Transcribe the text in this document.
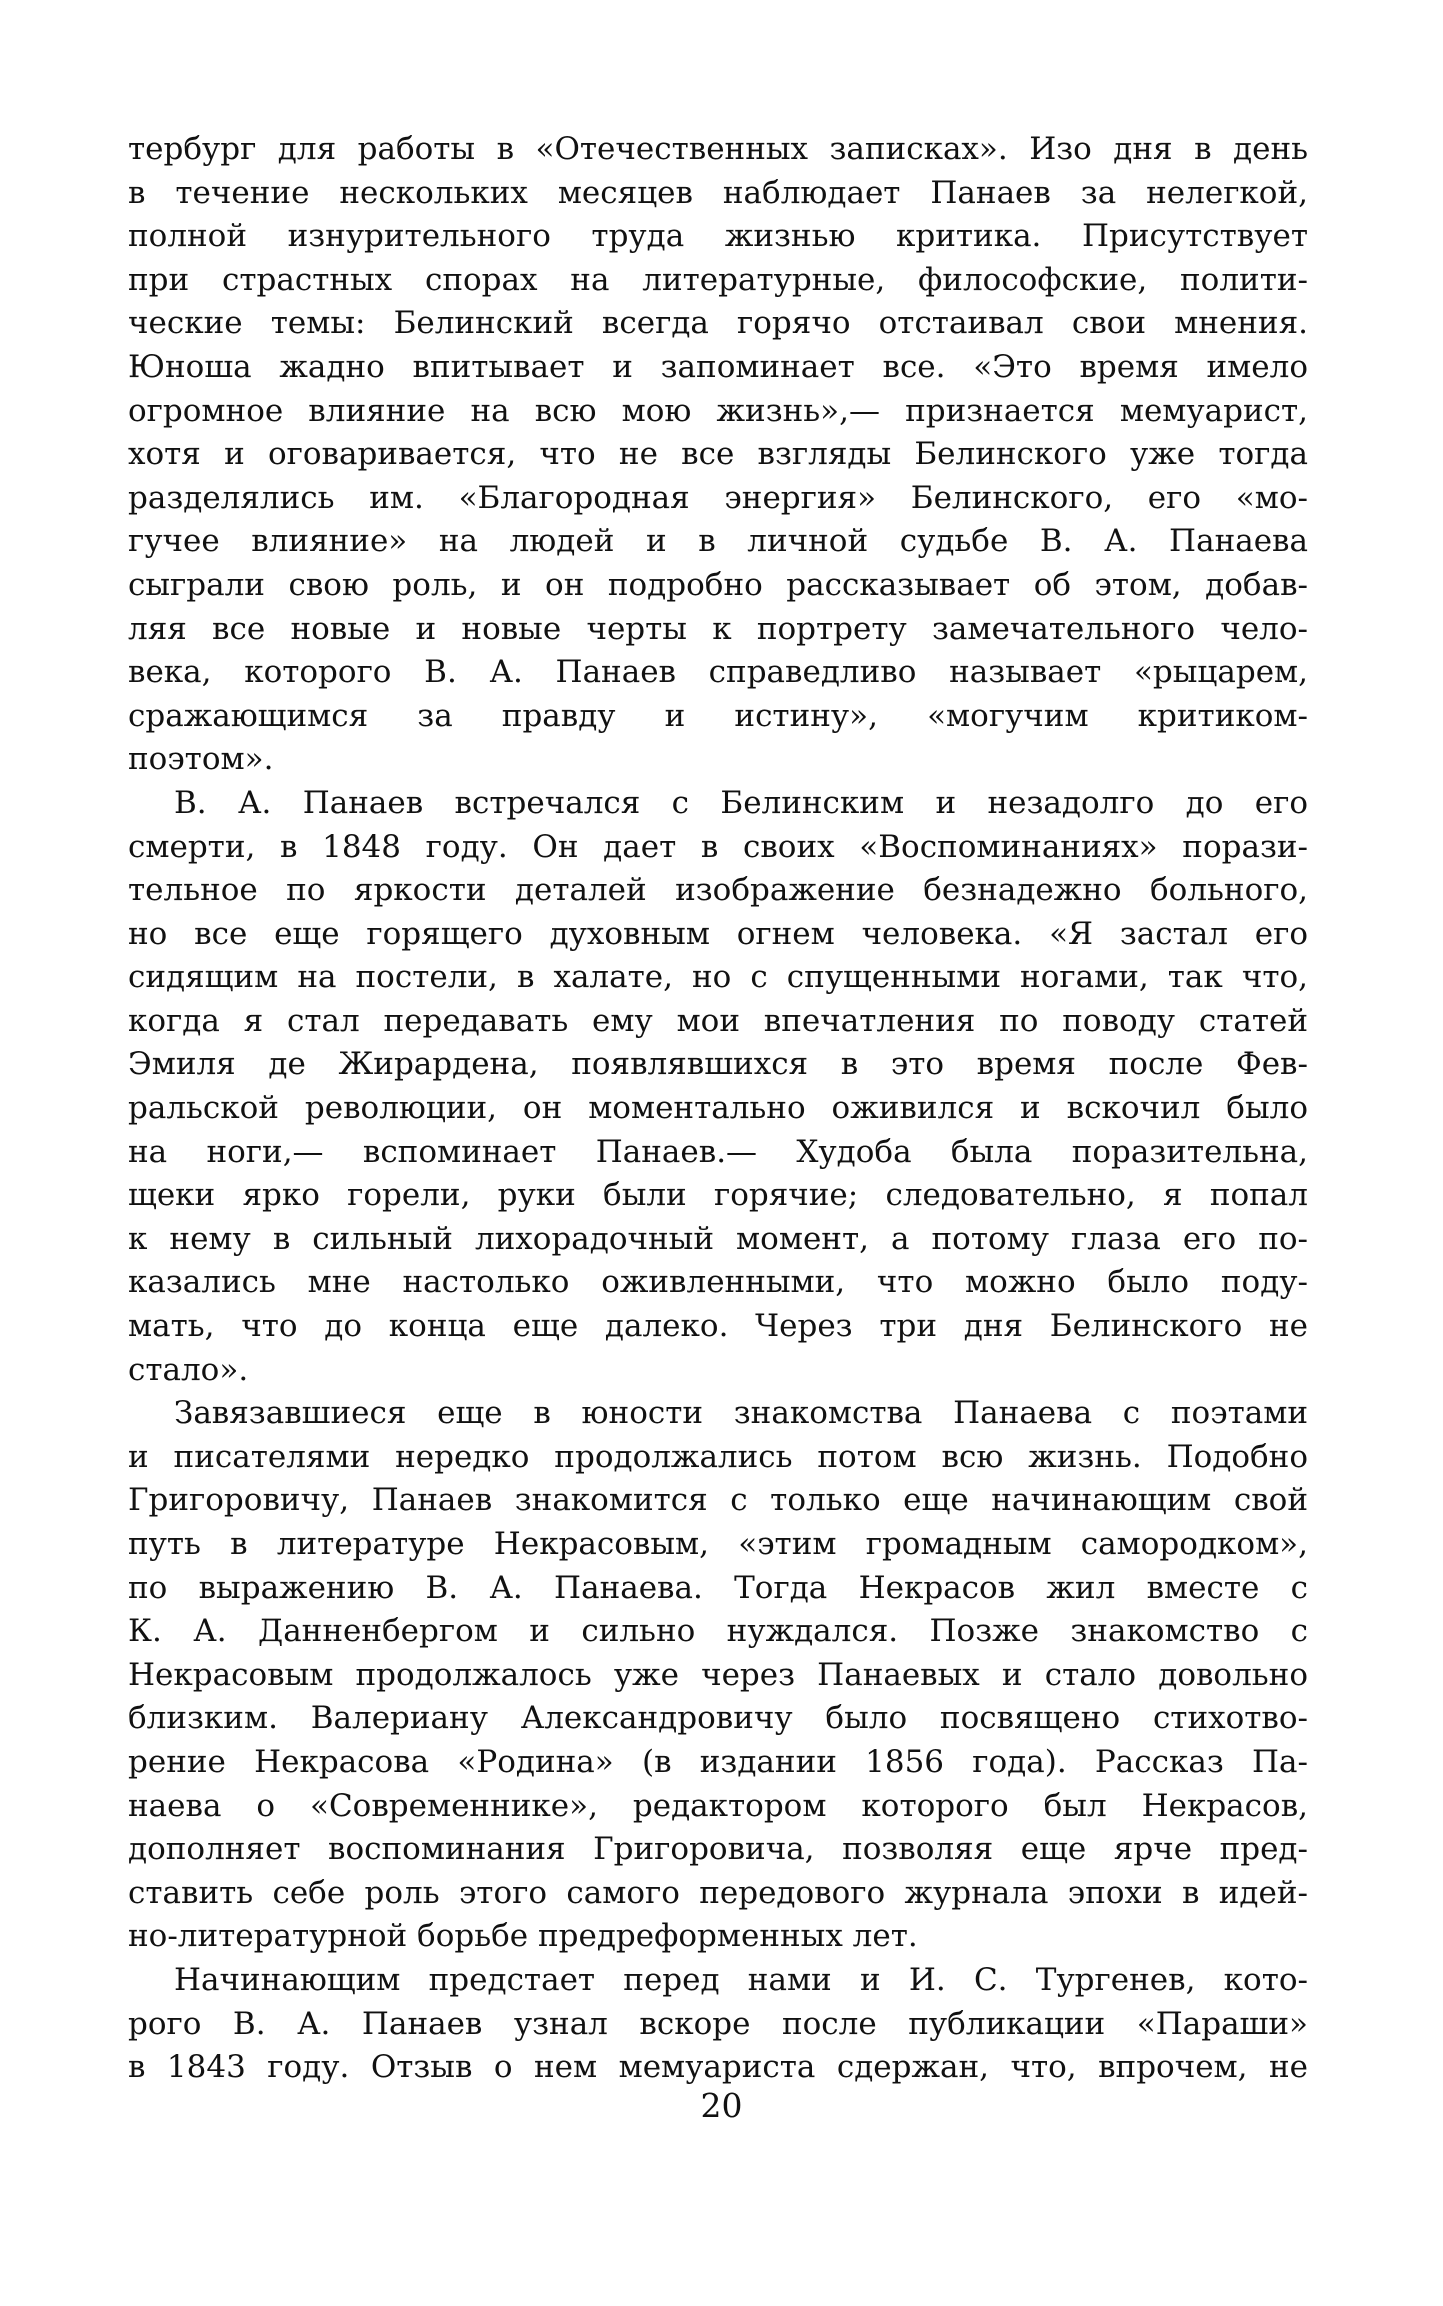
тербург для работы в «Отечественных записках». Изо дня в день
в течение нескольких месяцев наблюдает Панаев за нелегкой,
полной изнурительного труда жизнью критика. Присутствует
при страстных спорах на литературные, философские, полити-
ческие темы: Белинский всегда горячо отстаивал свои мнения.
Юноша жадно впитывает и запоминает все. «Это время имело
огромное влияние на всю мою жизнь»,— признается мемуарист,
хотя и оговаривается, что не все взгляды Белинского уже тогда
разделялись им. «Благородная энергия» Белинского, его «мо-
гучее влияние» на людей и в личной судьбе В. А. Панаева
сыграли свою роль, и он подробно рассказывает об этом, добав-
ляя все новые и новые черты к портрету замечательного чело-
века, которого В. А. Панаев справедливо называет «рыцарем,
сражающимся за правду и истину», «могучим критиком-
поэтом».
В. А. Панаев встречался с Белинским и незадолго до его
смерти, в 1848 году. Он дает в своих «Воспоминаниях» порази-
тельное по яркости деталей изображение безнадежно больного,
но все еще горящего духовным огнем человека. «Я застал его
сидящим на постели, в халате, но с спущенными ногами, так что,
когда я стал передавать ему мои впечатления по поводу статей
Эмиля де Жирардена, появлявшихся в это время после Фев-
ральской революции, он моментально оживился и вскочил было
на ноги,— вспоминает Панаев.— Худоба была поразительна,
щеки ярко горели, руки были горячие; следовательно, я попал
к нему в сильный лихорадочный момент, а потому глаза его по-
казались мне настолько оживленными, что можно было поду-
мать, что до конца еще далеко. Через три дня Белинского не
стало».
Завязавшиеся еще в юности знакомства Панаева с поэтами
и писателями нередко продолжались потом всю жизнь. Подобно
Григоровичу, Панаев знакомится с только еще начинающим свой
путь в литературе Некрасовым, «этим громадным самородком»,
по выражению В. А. Панаева. Тогда Некрасов жил вместе с
К. А. Данненбергом и сильно нуждался. Позже знакомство с
Некрасовым продолжалось уже через Панаевых и стало довольно
близким. Валериану Александровичу было посвящено стихотво-
рение Некрасова «Родина» (в издании 1856 года). Рассказ Па-
наева о «Современнике», редактором которого был Некрасов,
дополняет воспоминания Григоровича, позволяя еще ярче пред-
ставить себе роль этого самого передового журнала эпохи в идей-
но-литературной борьбе предреформенных лет.
Начинающим предстает перед нами и И. С. Тургенев, кото-
рого В. А. Панаев узнал вскоре после публикации «Параши»
в 1843 году. Отзыв о нем мемуариста сдержан, что, впрочем, не
20
